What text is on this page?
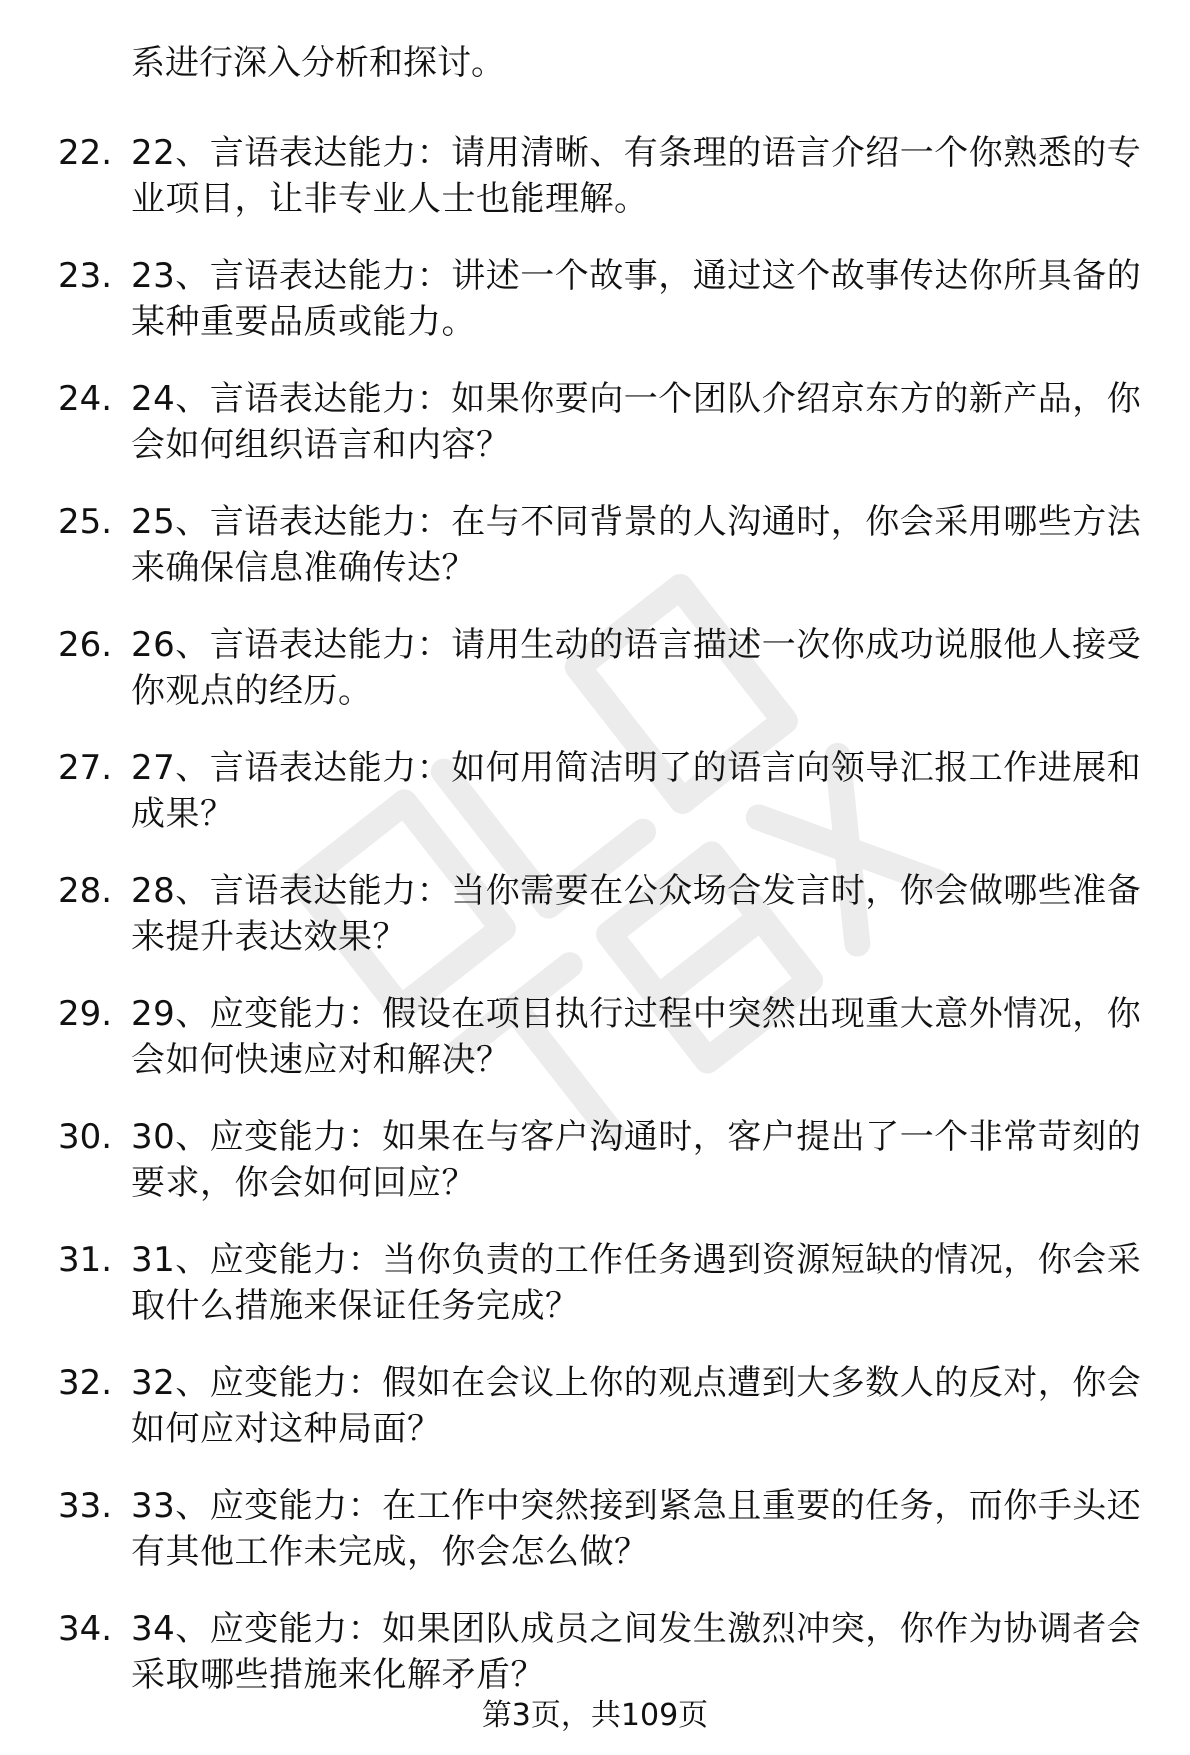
系进行深入分析和探讨。
22. 22、言语表达能力：请用清晰、有条理的语言介绍一个你熟悉的专业项目，让非专业人士也能理解。
23. 23、言语表达能力：讲述一个故事，通过这个故事传达你所具备的某种重要品质或能力。
24. 24、言语表达能力：如果你要向一个团队介绍京东方的新产品，你会如何组织语言和内容？
25. 25、言语表达能力：在与不同背景的人沟通时，你会采用哪些方法来确保信息准确传达？
26. 26、言语表达能力：请用生动的语言描述一次你成功说服他人接受你观点的经历。
27. 27、言语表达能力：如何用简洁明了的语言向领导汇报工作进展和成果？
28. 28、言语表达能力：当你需要在公众场合发言时，你会做哪些准备来提升表达效果？
29. 29、应变能力：假设在项目执行过程中突然出现重大意外情况，你会如何快速应对和解决？
30. 30、应变能力：如果在与客户沟通时，客户提出了一个非常苛刻的要求，你会如何回应？
31. 31、应变能力：当你负责的工作任务遇到资源短缺的情况，你会采取什么措施来保证任务完成？
32. 32、应变能力：假如在会议上你的观点遭到大多数人的反对，你会如何应对这种局面？
33. 33、应变能力：在工作中突然接到紧急且重要的任务，而你手头还有其他工作未完成，你会怎么做？
34. 34、应变能力：如果团队成员之间发生激烈冲突，你作为协调者会采取哪些措施来化解矛盾？
第3页，共109页
